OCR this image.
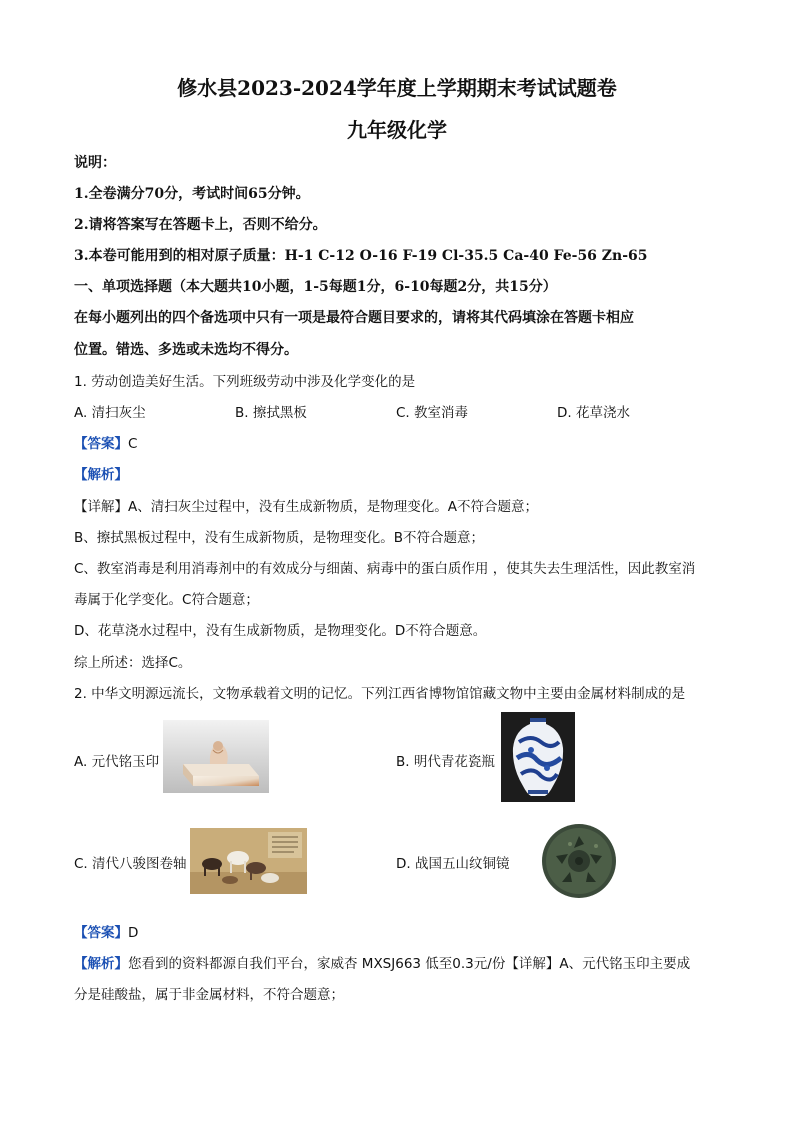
修水县2023-2024学年度上学期期末考试试题卷
九年级化学
说明：
1.全卷满分70分，考试时间65分钟。
2.请将答案写在答题卡上，否则不给分。
3.本卷可能用到的相对原子质量：H-1 C-12 O-16 F-19 Cl-35.5 Ca-40 Fe-56 Zn-65
一、单项选择题（本大题共10小题，1-5每题1分，6-10每题2分，共15分）
在每小题列出的四个备选项中只有一项是最符合题目要求的，请将其代码填涂在答题卡相应
位置。错选、多选或未选均不得分。
1. 劳动创造美好生活。下列班级劳动中涉及化学变化的是
A. 清扫灰尘	B. 擦拭黑板	C. 教室消毒	D. 花草浇水
【答案】C
【解析】
【详解】A、清扫灰尘过程中，没有生成新物质，是物理变化。A不符合题意；
B、擦拭黑板过程中，没有生成新物质，是物理变化。B不符合题意；
C、教室消毒是利用消毒剂中的有效成分与细菌、病毒中的蛋白质作用 ，使其失去生理活性，因此教室消
毒属于化学变化。C符合题意；
D、花草浇水过程中，没有生成新物质，是物理变化。D不符合题意。
综上所述：选择C。
2. 中华文明源远流长，文物承载着文明的记忆。下列江西省博物馆馆藏文物中主要由金属材料制成的是
A. 元代铭玉印	B. 明代青花瓷瓶
C. 清代八骏图卷轴	D. 战国五山纹铜镜
【答案】D
【解析】您看到的资料都源自我们平台，家威杏 MXSJ663 低至0.3元/份【详解】A、元代铭玉印主要成
分是硅酸盐，属于非金属材料，不符合题意；
